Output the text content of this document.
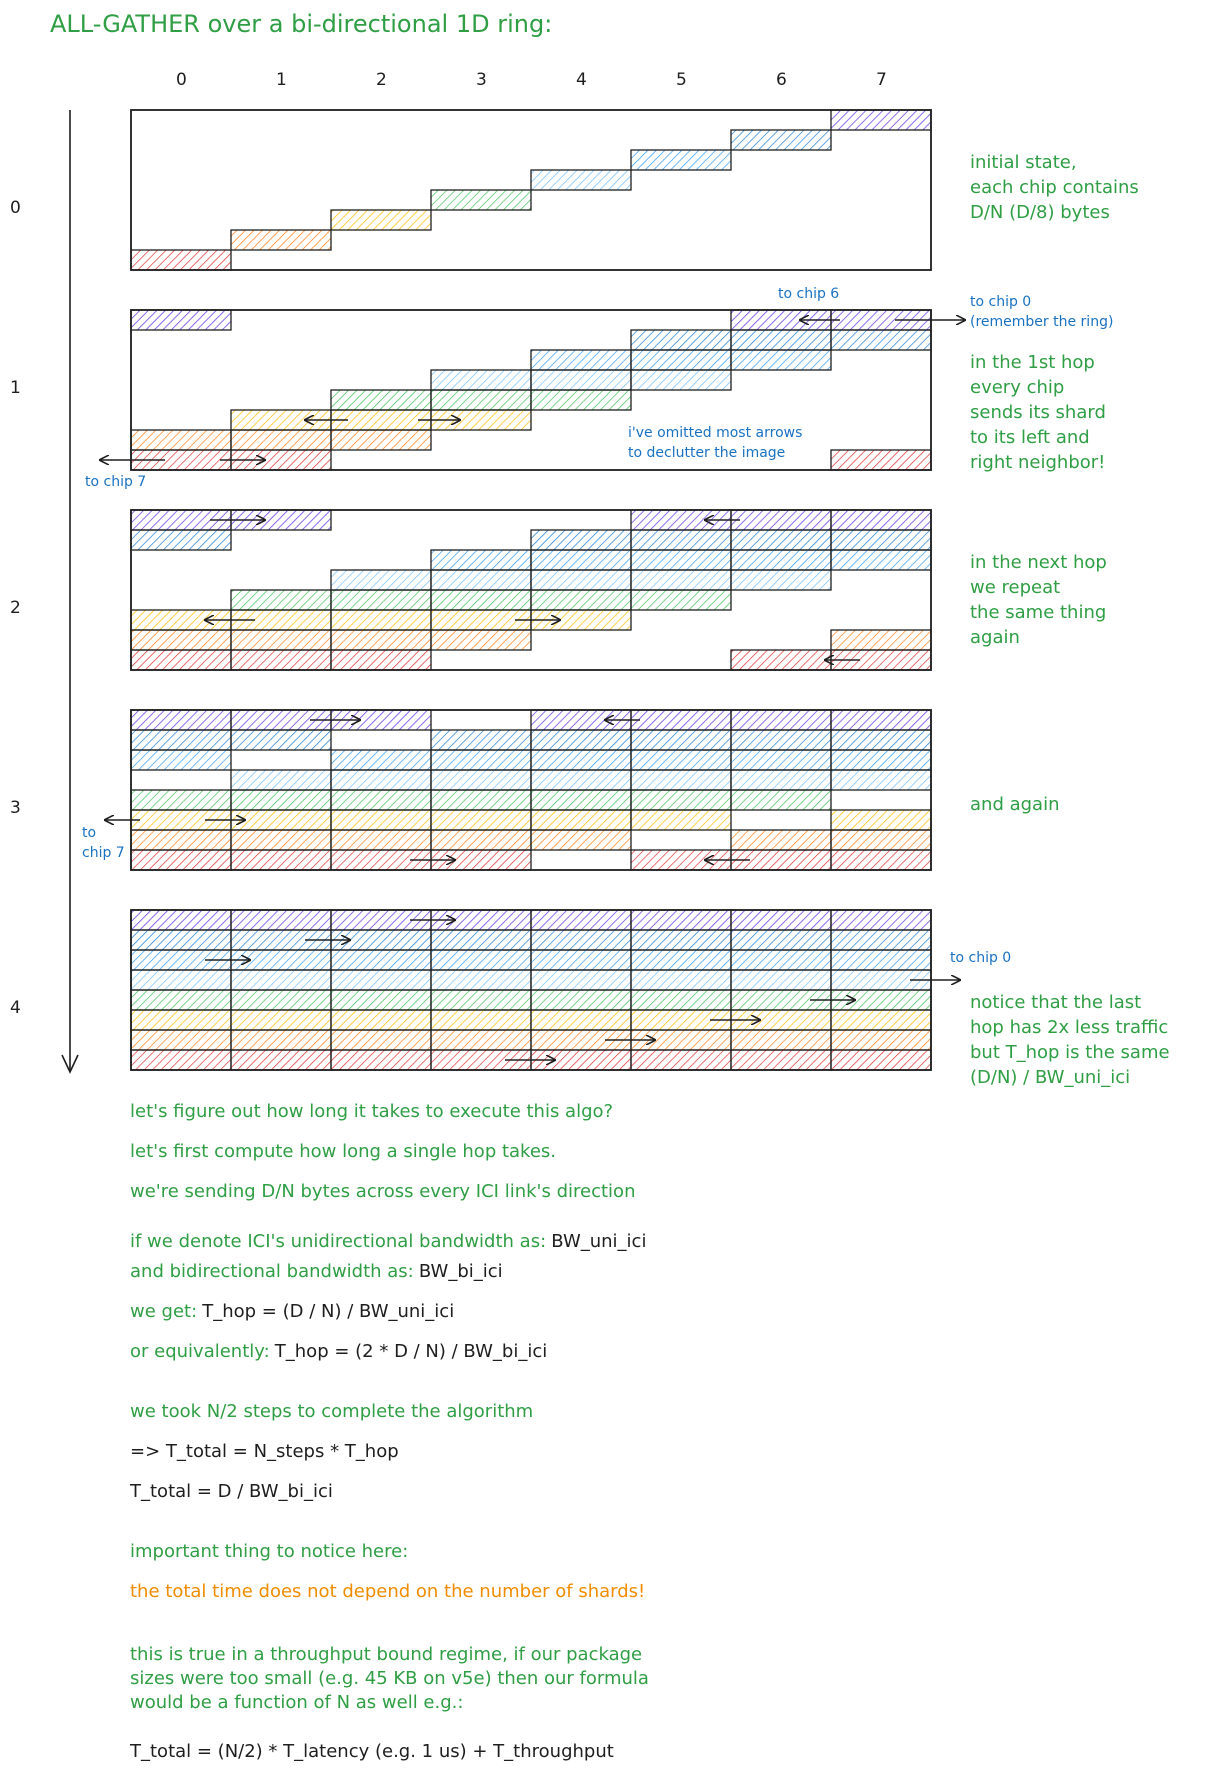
ALL-GATHER over a bi-directional 1D ring:
0	1	2	3	4	5	6	7
0
1
2
3
4
initial state,
each chip contains
D/N (D/8) bytes
in the 1st hop
every chip
sends its shard
to its left and
right neighbor!
in the next hop
we repeat
the same thing
again
and again
notice that the last
hop has 2x less traffic
but T_hop is the same
(D/N) / BW_uni_ici
to chip 6	to chip 0
(remember the ring)
to chip 7
i've omitted most arrows
to declutter the image
to
chip 7
to chip 0
let's figure out how long it takes to execute this algo?
let's first compute how long a single hop takes.
we're sending D/N bytes across every ICI link's direction
if we denote ICI's unidirectional bandwidth as: BW_uni_ici
and bidirectional bandwidth as: BW_bi_ici
we get: T_hop = (D / N) / BW_uni_ici
or equivalently: T_hop = (2 * D / N) / BW_bi_ici
we took N/2 steps to complete the algorithm
=> T_total = N_steps * T_hop
T_total = D / BW_bi_ici
important thing to notice here:
the total time does not depend on the number of shards!
this is true in a throughput bound regime, if our package
sizes were too small (e.g. 45 KB on v5e) then our formula
would be a function of N as well e.g.:
T_total = (N/2) * T_latency (e.g. 1 us) + T_throughput
